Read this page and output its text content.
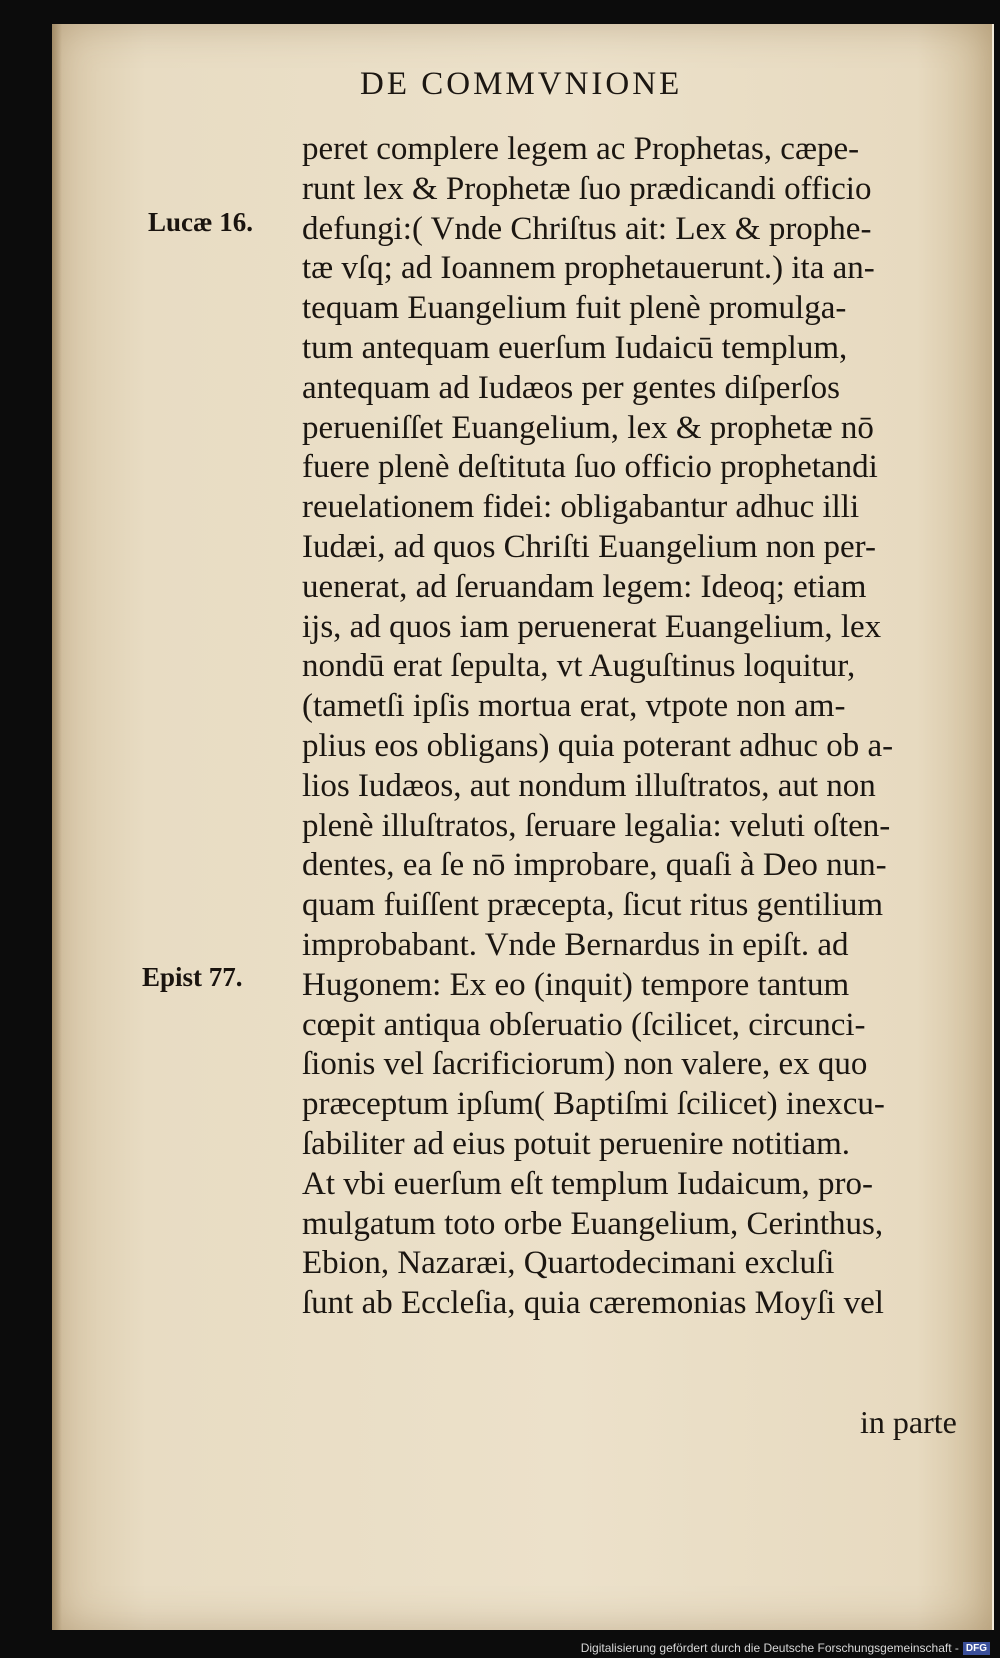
DE COMMVNIONE
Lucæ 16.
Epist 77.
peret complere legem ac Prophetas, cæpe-
runt lex & Prophetæ ſuo prædicandi officio
defungi:( Vnde Chriſtus ait: Lex & prophe-
tæ vſq; ad Ioannem prophetauerunt.) ita an-
tequam Euangelium fuit plenè promulga-
tum antequam euerſum Iudaicū templum,
antequam ad Iudæos per gentes diſperſos
perueniſſet Euangelium, lex & prophetæ nō
fuere plenè deſtituta ſuo officio prophetandi
reuelationem fidei: obligabantur adhuc illi
Iudæi, ad quos Chriſti Euangelium non per-
uenerat, ad ſeruandam legem: Ideoq; etiam
ijs, ad quos iam peruenerat Euangelium, lex
nondū erat ſepulta, vt Auguſtinus loquitur,
(tametſi ipſis mortua erat, vtpote non am-
plius eos obligans) quia poterant adhuc ob a-
lios Iudæos, aut nondum illuſtratos, aut non
plenè illuſtratos, ſeruare legalia: veluti oſten-
dentes, ea ſe nō improbare, quaſi à Deo nun-
quam fuiſſent præcepta, ſicut ritus gentilium
improbabant. Vnde Bernardus in epiſt. ad
Hugonem: Ex eo (inquit) tempore tantum
cœpit antiqua obſeruatio (ſcilicet, circunci-
ſionis vel ſacrificiorum) non valere, ex quo
præceptum ipſum( Baptiſmi ſcilicet) inexcu-
ſabiliter ad eius potuit peruenire notitiam.
At vbi euerſum eſt templum Iudaicum, pro-
mulgatum toto orbe Euangelium, Cerinthus,
Ebion, Nazaræi, Quartodecimani excluſi
ſunt ab Eccleſia, quia cæremonias Moyſi vel
in parte
Digitalisierung gefördert durch die Deutsche Forschungsgemeinschaft - DFG
